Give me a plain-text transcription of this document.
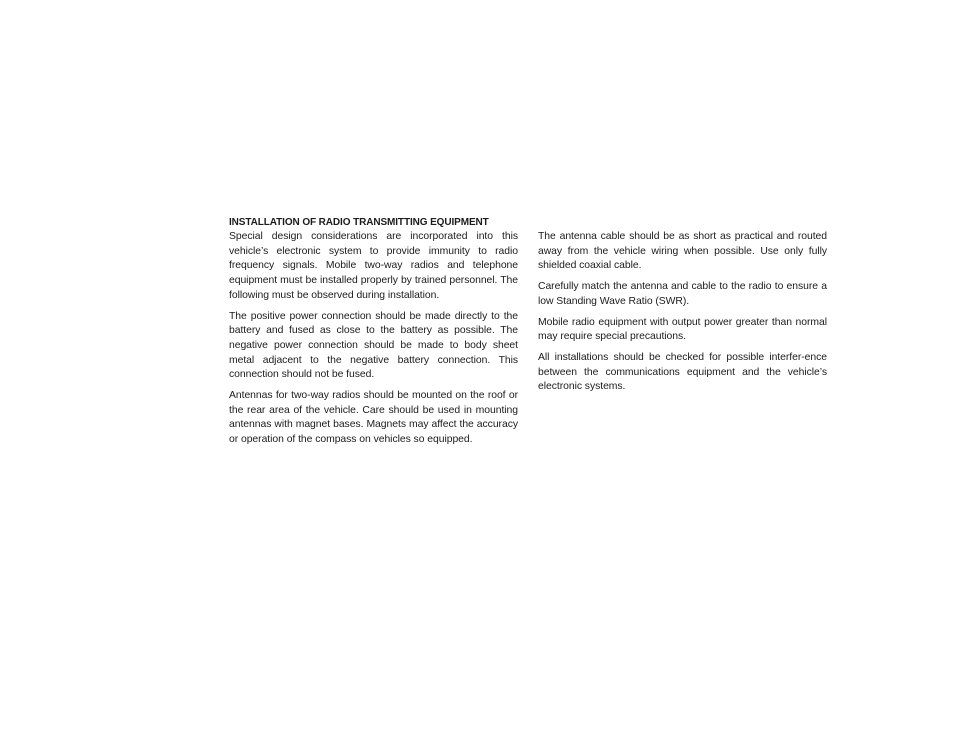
INSTALLATION OF RADIO TRANSMITTING EQUIPMENT

Special design considerations are incorporated into this vehicle’s electronic system to provide immunity to radio frequency signals. Mobile two-way radios and telephone equipment must be installed properly by trained personnel. The following must be observed during installation.

The positive power connection should be made directly to the battery and fused as close to the battery as possible. The negative power connection should be made to body sheet metal adjacent to the negative battery connection. This connection should not be fused.

Antennas for two-way radios should be mounted on the roof or the rear area of the vehicle. Care should be used in mounting antennas with magnet bases. Magnets may affect the accuracy or operation of the compass on vehicles so equipped.

The antenna cable should be as short as practical and routed away from the vehicle wiring when possible. Use only fully shielded coaxial cable.

Carefully match the antenna and cable to the radio to ensure a low Standing Wave Ratio (SWR).

Mobile radio equipment with output power greater than normal may require special precautions.

All installations should be checked for possible interfer-ence between the communications equipment and the vehicle’s electronic systems.
